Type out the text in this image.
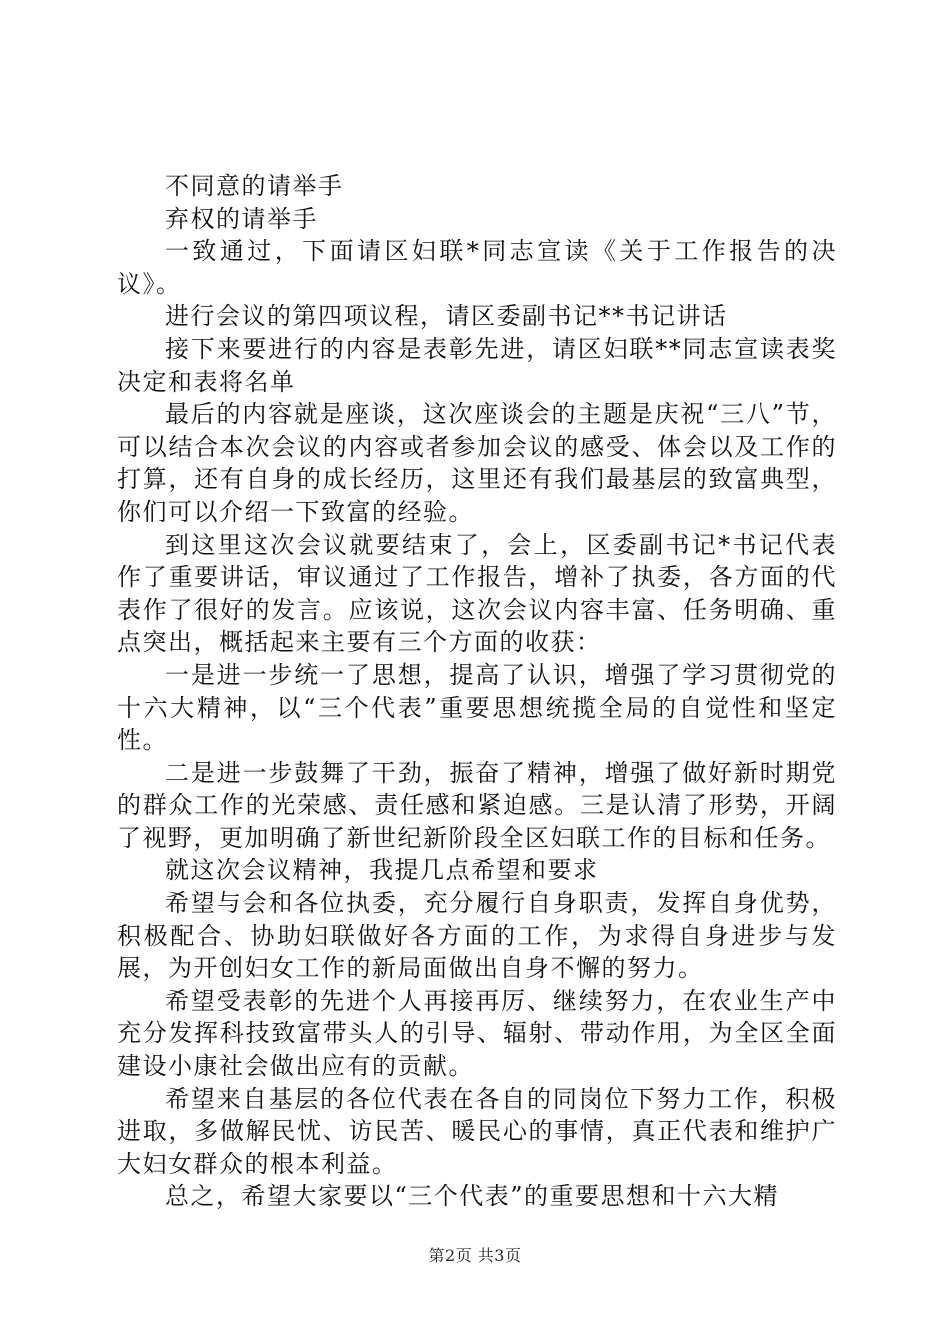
不同意的请举手

弃权的请举手

一致通过，下面请区妇联*同志宣读《关于工作报告的决议》。

进行会议的第四项议程，请区委副书记**书记讲话

接下来要进行的内容是表彰先进，请区妇联**同志宣读表奖决定和表将名单

最后的内容就是座谈，这次座谈会的主题是庆祝“三八”节，可以结合本次会议的内容或者参加会议的感受、体会以及工作的打算，还有自身的成长经历，这里还有我们最基层的致富典型，你们可以介绍一下致富的经验。

到这里这次会议就要结束了，会上，区委副书记*书记代表作了重要讲话，审议通过了工作报告，增补了执委，各方面的代表作了很好的发言。应该说，这次会议内容丰富、任务明确、重点突出，概括起来主要有三个方面的收获：

一是进一步统一了思想，提高了认识，增强了学习贯彻党的十六大精神，以“三个代表”重要思想统揽全局的自觉性和坚定性。

二是进一步鼓舞了干劲，振奋了精神，增强了做好新时期党的群众工作的光荣感、责任感和紧迫感。三是认清了形势，开阔了视野，更加明确了新世纪新阶段全区妇联工作的目标和任务。

就这次会议精神，我提几点希望和要求

希望与会和各位执委，充分履行自身职责，发挥自身优势，积极配合、协助妇联做好各方面的工作，为求得自身进步与发展，为开创妇女工作的新局面做出自身不懈的努力。

希望受表彰的先进个人再接再厉、继续努力，在农业生产中充分发挥科技致富带头人的引导、辐射、带动作用，为全区全面建设小康社会做出应有的贡献。

希望来自基层的各位代表在各自的同岗位下努力工作，积极进取，多做解民忧、访民苦、暖民心的事情，真正代表和维护广大妇女群众的根本利益。

总之，希望大家要以“三个代表”的重要思想和十六大精

第2页 共3页
